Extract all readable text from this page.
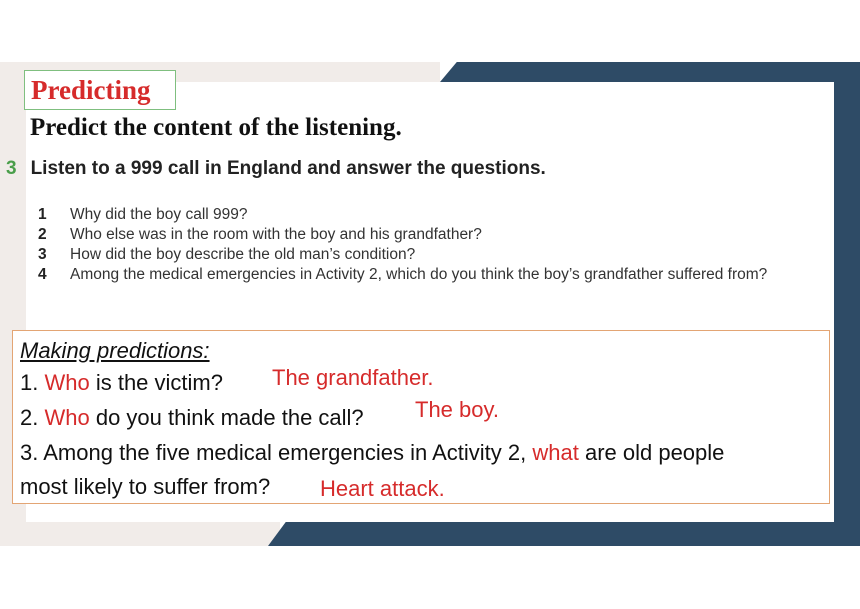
Predicting
Predict the content of the listening.
3 Listen to a 999 call in England and answer the questions.
1 Why did the boy call 999?
2 Who else was in the room with the boy and his grandfather?
3 How did the boy describe the old man’s condition?
4 Among the medical emergencies in Activity 2, which do you think the boy’s grandfather suffered from?
Making predictions:
1. Who is the victim? The grandfather.
2. Who do you think made the call? The boy.
3. Among the five medical emergencies in Activity 2, what are old people
most likely to suffer from? Heart attack.
